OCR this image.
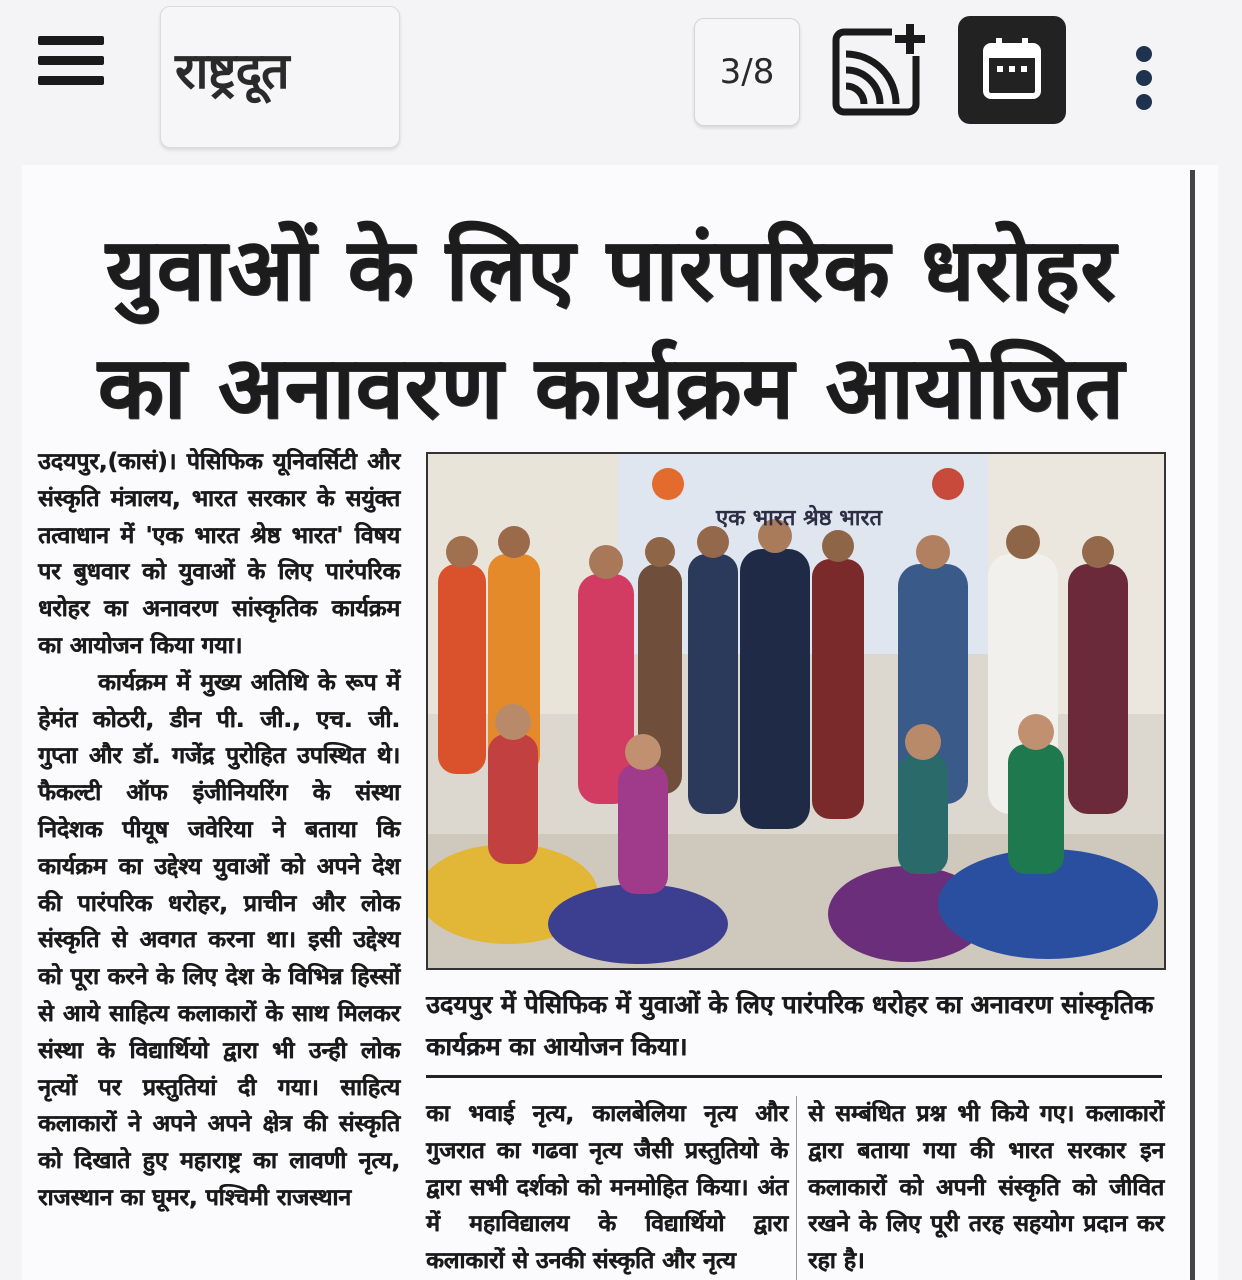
राष्ट्रदूत	3/8
युवाओं के लिए पारंपरिक धरोहर
का अनावरण कार्यक्रम आयोजित

उदयपुर,(कासं)। पेसिफिक यूनिवर्सिटी और संस्कृति मंत्रालय, भारत सरकार के सयुंक्त तत्वाधान में 'एक भारत श्रेष्ठ भारत' विषय पर बुधवार को युवाओं के लिए पारंपरिक धरोहर का अनावरण सांस्कृतिक कार्यक्रम का आयोजन किया गया।

कार्यक्रम में मुख्य अतिथि के रूप में हेमंत कोठरी, डीन पी. जी., एच. जी. गुप्ता और डॉ. गजेंद्र पुरोहित उपस्थित थे। फैकल्टी ऑफ इंजीनियरिंग के संस्था निदेशक पीयूष जवेरिया ने बताया कि कार्यक्रम का उद्देश्य युवाओं को अपने देश की पारंपरिक धरोहर, प्राचीन और लोक संस्कृति से अवगत करना था। इसी उद्देश्य को पूरा करने के लिए देश के विभिन्न हिस्सों से आये साहित्य कलाकारों के साथ मिलकर संस्था के विद्यार्थियो द्वारा भी उन्ही लोक नृत्यों पर प्रस्तुतियां दी गया। साहित्य कलाकारों ने अपने अपने क्षेत्र की संस्कृति को दिखाते हुए महाराष्ट्र का लावणी नृत्य, राजस्थान का घूमर, पश्चिमी राजस्थान

एक भारत श्रेष्ठ भारत

उदयपुर में पेसिफिक में युवाओं के लिए पारंपरिक धरोहर का अनावरण सांस्कृतिक कार्यक्रम का आयोजन किया।

का भवाई नृत्य, कालबेलिया नृत्य और गुजरात का गढवा नृत्य जैसी प्रस्तुतियो के द्वारा सभी दर्शको को मनमोहित किया। अंत में महाविद्यालय के विद्यार्थियो द्वारा कलाकारों से उनकी संस्कृति और नृत्य

से सम्बंधित प्रश्न भी किये गए। कलाकारों द्वारा बताया गया की भारत सरकार इन कलाकारों को अपनी संस्कृति को जीवित रखने के लिए पूरी तरह सहयोग प्रदान कर रहा है।
